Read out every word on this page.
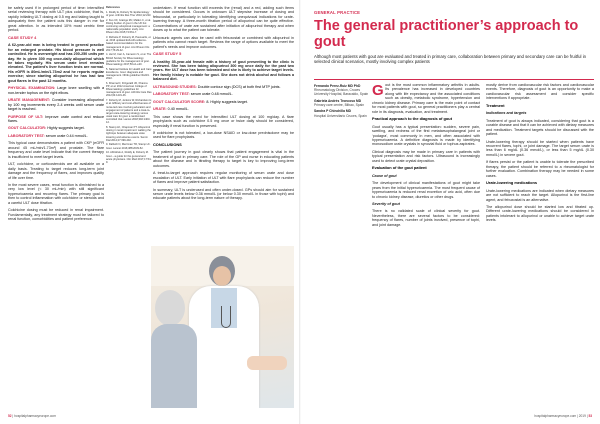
be safely used if in prolonged period of time: intensified serial reviewing therapy with ULT plus colchicine, that is, rapidly initiating ULT dosing at 0.5 mg and taking taught to adequately then the patient cuts this danger in me for great attention. In as intended 10% most centric time period.

CASE STUDY 4

A 62-year-old man is being treated in general practice for an enlarged prostate. His blood pressure is well controlled. He is overweight and has 200-250 units per day. He is given 300 mg once-daily allopurinol which he takes regularly. His serum urate level remains elevated. The patient’s liver function tests are normal. His eGFR is 80mL/min/1.73m2 and he reports regular exercise; since starting allopurinol he has had two gout flares in the past 12 months.

PHYSICAL EXAMINATION: Large knee swelling with a non-tender tophus on the right elbow.

URATE MANAGEMENT: Consider increasing allopurinol by 100 mg increments every 2-4 weeks until serum urate target is reached.

PURPOSE OF ULT: Improve urate control and reduce flares.

GOUT CALCULATOR: Highly suggests target.

LABORATORY TEST: serum urate 0.44 mmol/L.

This typical case demonstrates a patient with CKP (eGFR around 45 mL/min/1.73m²) and prostate. The flare frequency and urate level indicate that the current therapy is insufficient to meet target levels.

ULT, colchicine, or corticosteroids are all available on a daily basis. Treating to target reduces long-term joint damage and the frequency of flares, and improves quality of life over time.

In the most severe cases, renal function is diminished to a very low level (< 30 mL/min) with still significant hyperuricaemia and recurring flares. The primary goal is then to control inflammation with colchicine or steroids and a careful ULT dose titration.

Colchicine dosing must be reduced in renal impairment. Fundamentally, any treatment strategy must be tailored to renal function, comorbidities and patient preference.

References

1. Roddy E, Doherty M. Epidemiology of gout. Arthritis Res Ther 2010;12:223.

2. Kuo CF, Grainge MJ, Mallen C, et al. Rising burden of gout in the UK but continuing suboptimal management: a nationwide population study. Ann Rheum Dis 2015;74:661-7.

3. Richette P, Doherty M, Pascual E, et al. 2016 updated EULAR evidence-based recommendations for the management of gout. Ann Rheum Dis 2017;76:29-42.

4. Hui M, Carr A, Cameron S, et al. The British Society for Rheumatology guideline for the management of gout. Rheumatology 2017;56:e1-e20.

5. National Institute for Health and Care Excellence. Gout: diagnosis and management. NICE guideline NG219. 2022.

6. Khanna D, Fitzgerald JD, Khanna PP, et al. 2012 American College of Rheumatology guidelines for management of gout. Arthritis Care Res 2012;64:1431-46.

7. Doherty M, Jenkins W, Richardson H, et al. Efficacy and cost-effectiveness of nurse-led care involving education and engagement of patients and a treat-to-target urate-lowering strategy versus usual care for gout: a randomised controlled trial. Lancet 2018;392:1403-12.

8. Stamp LK, Chapman PT. Allopurinol dosing in renal impairment: walking the tightrope between adequate urate lowering and adverse events. Semin Dial 2014;27:399-402.

9. Dalbeth N, Merriman TR, Stamp LK. Gout. Lancet 2016;388:2039-52.

10. Abhishek A, Roddy E, Doherty M. Gout – a guide for the general and acute physicians. Clin Med 2017;17:54-9.

undertaken. If renal function still exceeds the (renal) and a red, adding such items should be considered. Occurs in unknown ULT stepwise increase of dosing and febuxostat, or particularly in tolerating identifying unequivocal indications for urate-lowering therapy. A three-month titration period of allopurinol can be quite effective. Concentrations of urate are sustained after initiation of allopurinol therapy and when doses up to what the patient can tolerate.

Uricosuric agents can also be used with febuxostat or combined with allopurinol in patients who cannot reach target. Reviews the range of options available to meet the patient’s needs and improve outcomes.

CASE STUDY 5

A healthy 35-year-old female with a history of gout presenting to the clinic is reviewed. She has been taking allopurinol 300 mg once daily for the past two years. Her ULT dose has been tolerated and she is likely to achieve target levels. Her family history is notable for gout. She does not drink alcohol and follows a balanced diet.

ULTRASOUND STUDIES: Double contour sign (DCS) at both first MTP joints.

LABORATORY TEST: serum urate 0.48 mmol/L.

GOUT CALCULATOR SCORE: 8. Highly suggests target.

URATE: 0.40 mmol/L.

This case shows the need for intensified ULT dosing at 100 mg/day. A flare prophylaxis such as colchicine 0.5 mg once or twice daily should be considered, especially if renal function is preserved.

If colchicine is not tolerated, a low-dose NSAID or low-dose prednisolone may be used for flare prophylaxis.

CONCLUSIONS

The patient journey in gout clearly shows that patient engagement is vital in the treatment of gout in primary care. The role of the GP and nurse in educating patients about the disease and in titrating therapy to target is key to improving long-term outcomes.

A treat-to-target approach requires regular monitoring of serum urate and dose escalation of ULT. Early initiation of ULT with flare prophylaxis can reduce the number of flares and improve patient satisfaction.

In summary, ULT is underused and often under-dosed. GPs should aim for sustained serum urate levels below 0.36 mmol/L (or below 0.30 mmol/L in those with tophi) and educate patients about the long-term nature of therapy.

52 | hospitalpharmacyeurope.com
GENERAL PRACTICE
The general practitioner’s approach to gout

Although most patients with gout are evaluated and treated in primary care, collaboration between primary and secondary care can be fruitful in selected clinical scenarios, mostly involving complex patients

Fernando Perez-Ruiz MD PhD

Rheumatology Division, Cruces University Hospital, Baracaldo, Spain

Gabriela Andrés Troncoso MD

Primary care centre, Bilbao, Spain

Sandra P Chinchilla MD

Hospital Universitario Cruces, Spain

Gout is the most common inflammatory arthritis in adults. Its prevalence has increased in developed countries along with life expectancy and the associated conditions such as obesity, metabolic syndrome, hypertension and chronic kidney disease. Primary care is the main point of contact for most patients with gout, so general practitioners play a central role in its diagnosis, evaluation, and treatment.

Practical approach to the diagnosis of gout

Gout usually has a typical presentation: sudden, severe pain, swelling, and redness of the first metatarsophalangeal joint or ‘podagra’, most commonly in men, and often associated with hyperuricaemia. A definitive diagnosis is made by identifying monosodium urate crystals in synovial fluid or tophus aspirates.

Clinical diagnosis may be made in primary care in patients with typical presentation and risk factors. Ultrasound is increasingly used to detect urate crystal deposition.

Evaluation of the gout patient

Cause of gout

The development of clinical manifestations of gout might take years from the initial hyperuricaemia. The most frequent cause of hyperuricaemia is reduced renal excretion of uric acid, often due to chronic kidney disease, diuretics or other drugs.

Severity of gout

There is no validated scale of clinical severity for gout. Nevertheless, there are several factors to be considered: frequency of flares, number of joints involved, presence of tophi, and joint damage.

mostly derive from cardiovascular risk factors and cardiovascular events. Therefore, diagnosis of gout is an opportunity to make a cardiovascular risk assessment and consider specific interventions if appropriate.

Treatment

Indications and targets

Treatment of gout is always indicated, considering that gout is a curable disease and that it can be achieved with dietary measures and medication. Treatment targets should be discussed with the patient.

Urate-lowering therapy should be started when patients have recurrent flares, tophi, or joint damage. The target serum urate is less than 6 mg/dL (0.36 mmol/L), or less than 5 mg/dL (0.30 mmol/L) in severe gout.

If flares persist or the patient is unable to tolerate the prescribed therapy, the patient should be referred to a rheumatologist for further evaluation. Combination therapy may be needed in some cases.

Urate-lowering medications

Urate-lowering medications are indicated when dietary measures are not sufficient to reach the target. Allopurinol is the first-line agent, and febuxostat is an alternative.

The allopurinol dose should be started low and titrated up. Different urate-lowering medications should be considered in patients intolerant to allopurinol or unable to achieve target urate levels.

hospitalpharmacyeurope.com | 2019 | 53
